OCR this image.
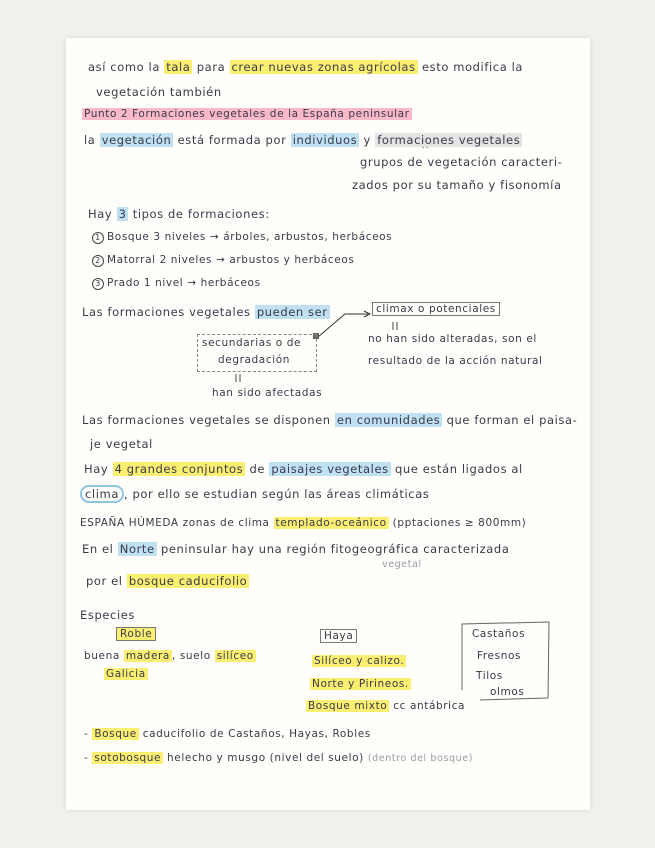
así como la tala para crear nuevas zonas agrícolas esto modifica la
vegetación también
Punto 2 Formaciones vegetales de la España peninsular
la vegetación está formada por individuos y formaciones vegetales
grupos de vegetación caracteri-
zados por su tamaño y fisonomía
Hay 3 tipos de formaciones:
1 Bosque 3 niveles → árboles, arbustos, herbáceos
2 Matorral 2 niveles → arbustos y herbáceos
3 Prado 1 nivel → herbáceos
Las formaciones vegetales pueden ser	climax o potenciales
no han sido alteradas, son el
resultado de la acción natural
secundarias o de
degradación
han sido afectadas
Las formaciones vegetales se disponen en comunidades que forman el paisa-
je vegetal
Hay 4 grandes conjuntos de paisajes vegetales que están ligados al
clima , por ello se estudian según las áreas climáticas
ESPAÑA HÚMEDA zonas de clima templado-oceánico (pptaciones ≥ 800mm)
En el Norte peninsular hay una región fitogeográfica caracterizada
vegetal
por el bosque caducifolio
Especies
Roble	Haya	Castaños
Fresnos
Tilos
olmos
buena madera , suelo silíceo
Galicia
Silíceo y calizo.
Norte y Pirineos.
Bosque mixto cc antábrica
- Bosque caducifolio de Castaños, Hayas, Robles
- sotobosque helecho y musgo (nivel del suelo) (dentro del bosque)
